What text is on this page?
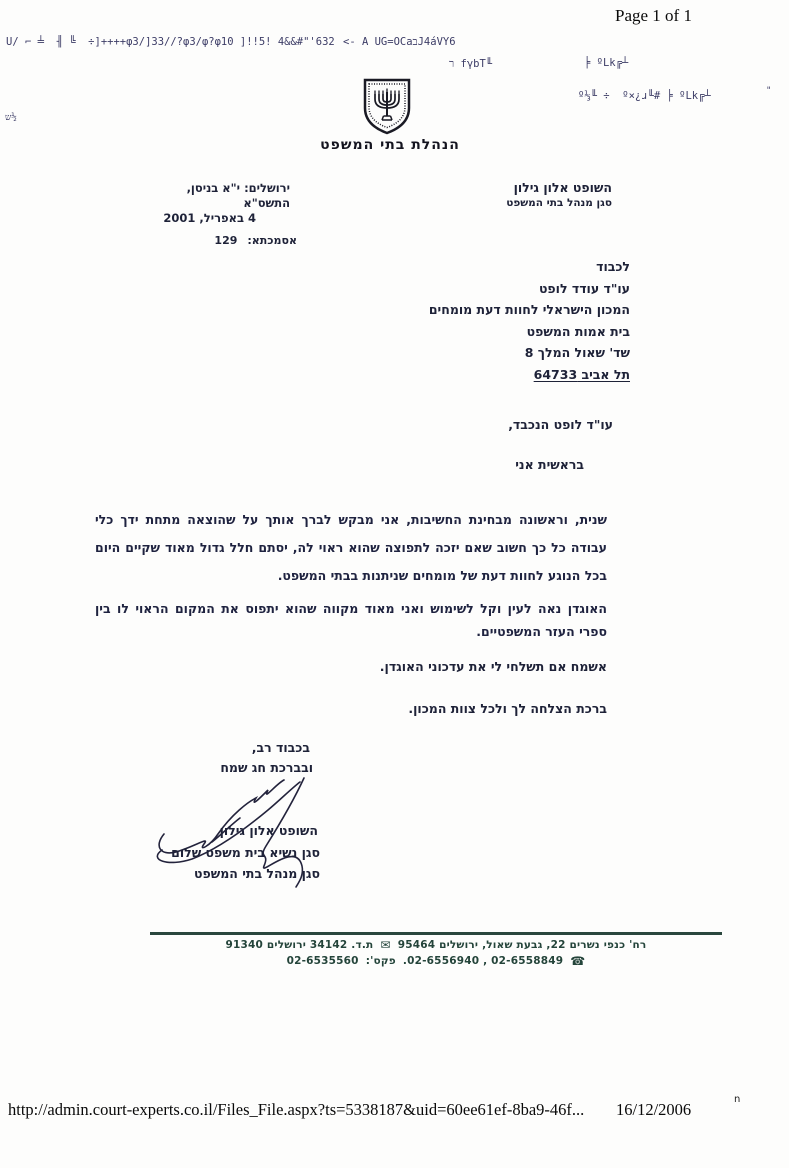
Page 1 of 1
U/ ⌐ ╧  ╢ ╚  ÷]++++φ3/]33//?φ3/φ?φ10 ]!!5! 4&&#"'632 <- A UG=OCaבJ4áVY6
ר fγbT╙	╞ ºLk╔┴
º⅓╙ ÷  º×¿ɹ╙# ╞ ºLk╔┴
ש½
"
הנהלת בתי המשפט
השופט אלון גילון
סגן מנהל בתי המשפט
ירושלים: י"א בניסן, התשס"א
4 באפריל, 2001
אסמכתא:
129
לכבוד
עו"ד עודד לופט
המכון הישראלי לחוות דעת מומחים
בית אמות המשפט
שד' שאול המלך 8
תל אביב 64733
עו"ד לופט הנכבד,
בראשית אני
שנית, וראשונה מבחינת החשיבות, אני מבקש לברך אותך על שהוצאה מתחת ידך כלי עבודה כל כך חשוב שאם יזכה לתפוצה שהוא ראוי לה, יסתם חלל גדול מאוד שקיים היום בכל הנוגע לחוות דעת של מומחים שניתנות בבתי המשפט.
האוגדן נאה לעין וקל לשימוש ואני מאוד מקווה שהוא יתפוס את המקום הראוי לו בין ספרי העזר המשפטיים.
אשמח אם תשלחי לי את עדכוני האוגדן.
ברכת הצלחה לך ולכל צוות המכון.
בכבוד רב,
ובברכת חג שמח
השופט אלון גילון
סגן נשיא בית משפט שלום
סגן מנהל בתי המשפט
רח' כנפי נשרים 22, גבעת שאול, ירושלים 95464
✉
ת.ד. 34142 ירושלים 91340
☎
02-6558849 , 02-6556940.
פקס':
02-6535560
http://admin.court-experts.co.il/Files_File.aspx?ts=5338187&uid=60ee61ef-8ba9-46f... 16/12/2006
n
